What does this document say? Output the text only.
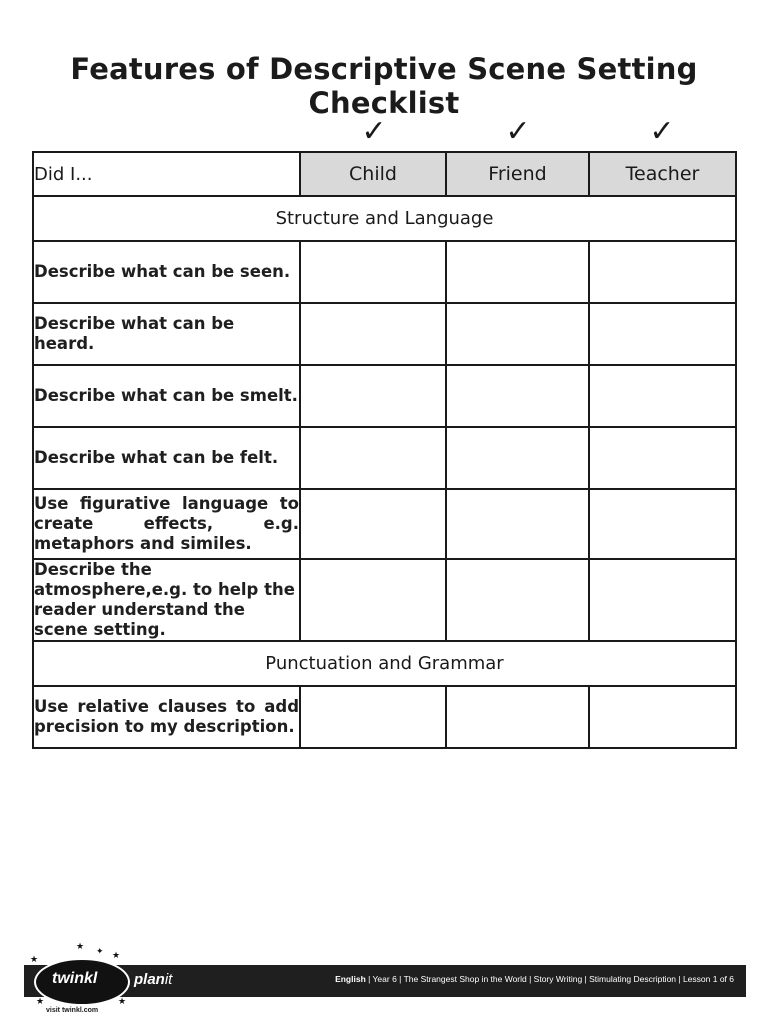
Features of Descriptive Scene Setting Checklist
✓	✓	✓
Did I...	Child	Friend	Teacher
Structure and Language			
Describe what can be seen.			
Describe what can be heard.			
Describe what can be smelt.			
Describe what can be felt.			
Use figurative language to create effects, e.g. metaphors and similes.			
Describe the atmosphere,e.g. to help the reader understand the scene setting.			
Punctuation and Grammar			
Use relative clauses to add precision to my description.			
English | Year 6 | The Strangest Shop in the World | Story Writing | Stimulating Description | Lesson 1 of 6
★
★ ✦ ★
★	★
twinkl planit
visit twinkl.com
